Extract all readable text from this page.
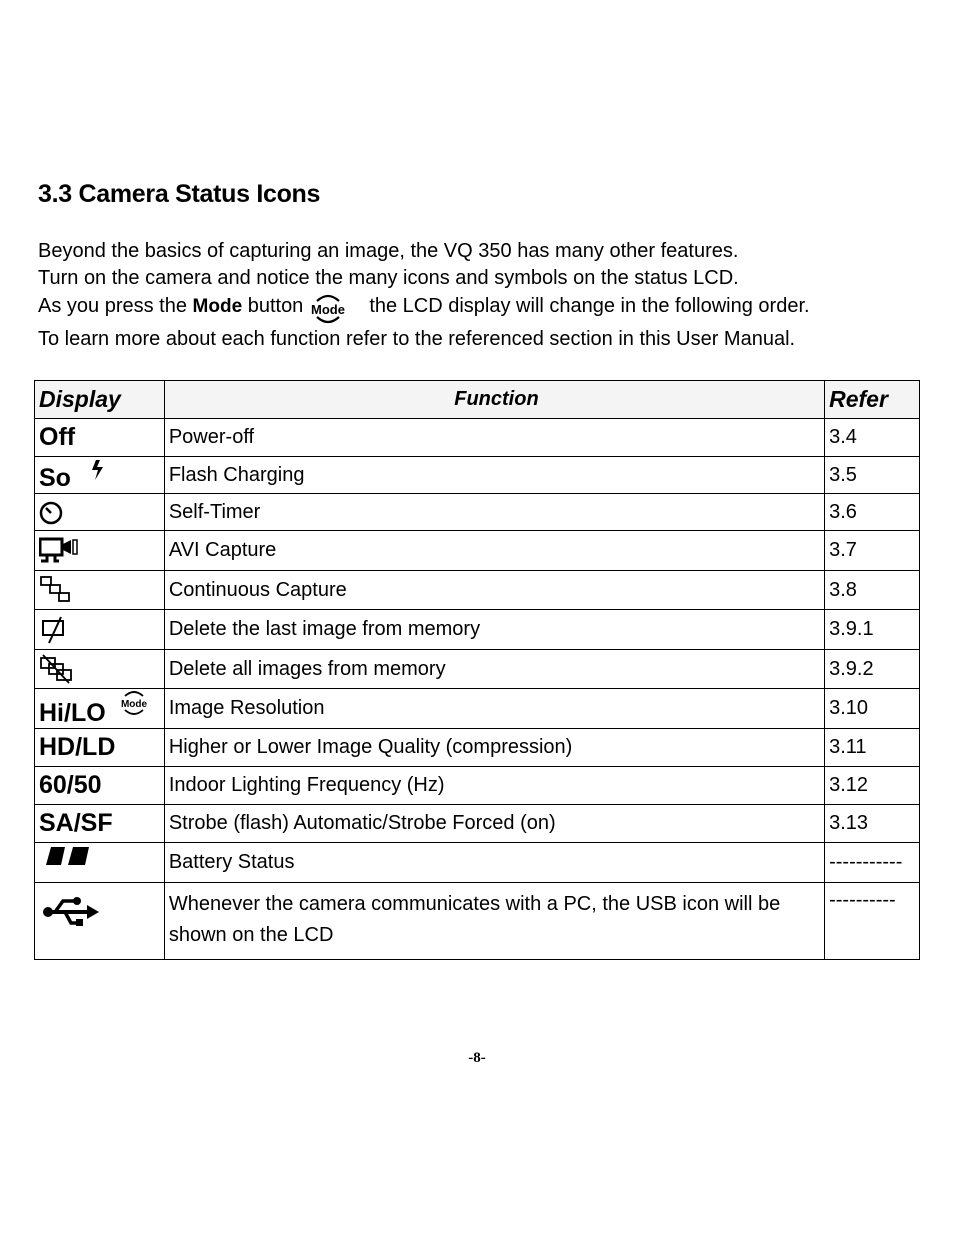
3.3 Camera Status Icons

Beyond the basics of capturing an image, the VQ 350 has many other features.

Turn on the camera and notice the many icons and symbols on the status LCD.

As you press the Mode button Mode the LCD display will change in the following order.

To learn more about each function refer to the referenced section in this User Manual.

Display	Function	Refer
Off	Power-off	3.4
So	Flash Charging	3.5
	Self-Timer	3.6
	AVI Capture	3.7
	Continuous Capture	3.8
	Delete the last image from memory	3.9.1
	Delete all images from memory	3.9.2
Hi/LO Mode	Image Resolution	3.10
HD/LD	Higher or Lower Image Quality (compression)	3.11
60/50	Indoor Lighting Frequency (Hz)	3.12
SA/SF	Strobe (flash) Automatic/Strobe Forced (on)	3.13
	Battery Status	-----------
	Whenever the camera communicates with a PC, the USB icon will be shown on the LCD	----------
-8-
